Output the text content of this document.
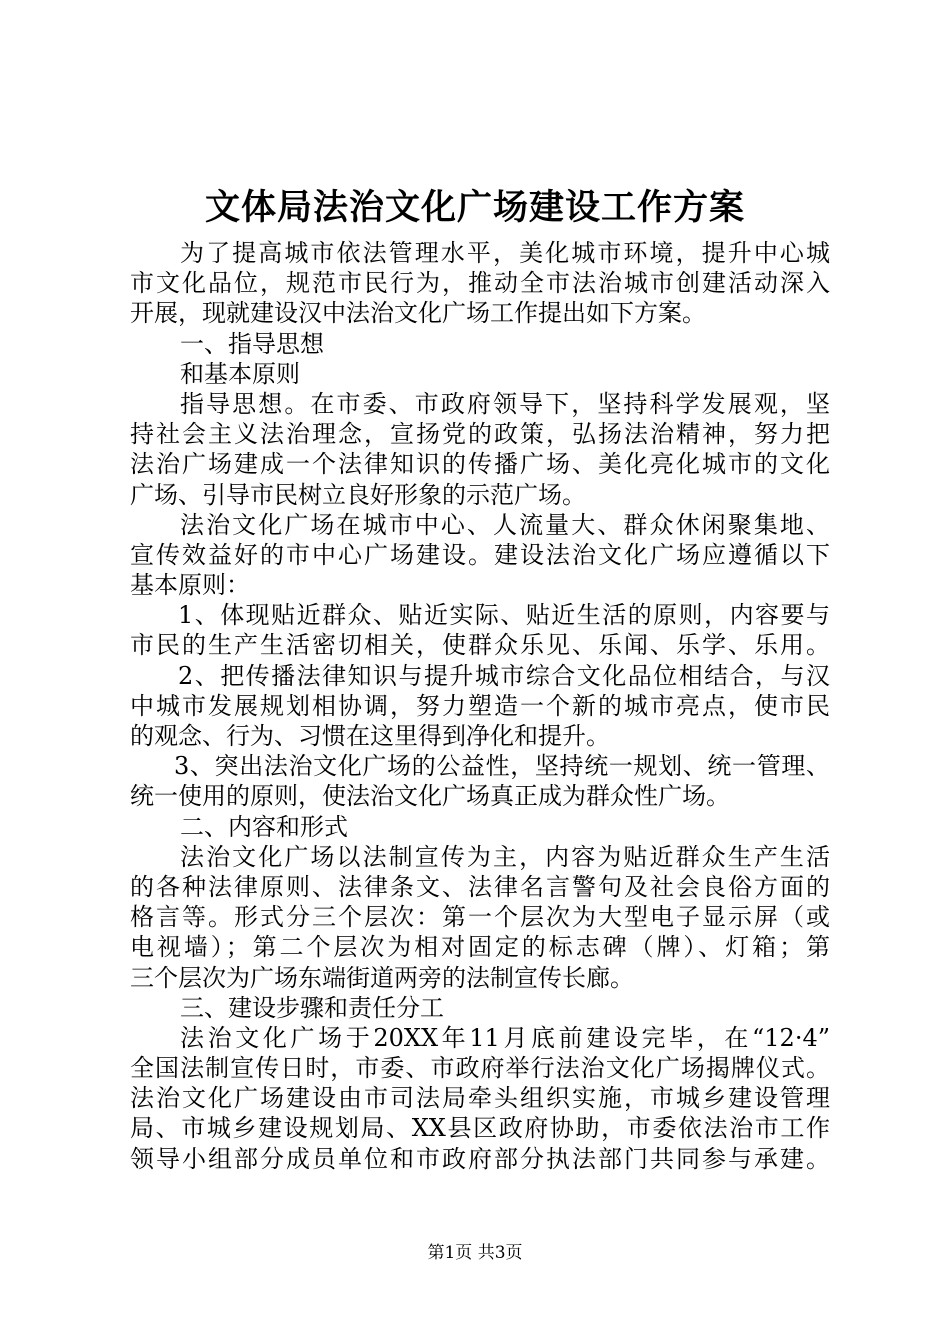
文体局法治文化广场建设工作方案
为了提高城市依法管理水平，美化城市环境，提升中心城
市文化品位，规范市民行为，推动全市法治城市创建活动深入
开展，现就建设汉中法治文化广场工作提出如下方案。
一、指导思想
和基本原则
指导思想。在市委、市政府领导下，坚持科学发展观，坚
持社会主义法治理念，宣扬党的政策，弘扬法治精神，努力把
法治广场建成一个法律知识的传播广场、美化亮化城市的文化
广场、引导市民树立良好形象的示范广场。
法治文化广场在城市中心、人流量大、群众休闲聚集地、
宣传效益好的市中心广场建设。建设法治文化广场应遵循以下
基本原则：
1、体现贴近群众、贴近实际、贴近生活的原则，内容要与
市民的生产生活密切相关，使群众乐见、乐闻、乐学、乐用。
2、把传播法律知识与提升城市综合文化品位相结合，与汉
中城市发展规划相协调，努力塑造一个新的城市亮点，使市民
的观念、行为、习惯在这里得到净化和提升。
3、突出法治文化广场的公益性，坚持统一规划、统一管理、
统一使用的原则，使法治文化广场真正成为群众性广场。
二、内容和形式
法治文化广场以法制宣传为主，内容为贴近群众生产生活
的各种法律原则、法律条文、法律名言警句及社会良俗方面的
格言等。形式分三个层次：第一个层次为大型电子显示屏（或
电视墙）；第二个层次为相对固定的标志碑（牌）、灯箱；第
三个层次为广场东端街道两旁的法制宣传长廊。
三、建设步骤和责任分工
法治文化广场于20XX年11月底前建设完毕，在“12·4”
全国法制宣传日时，市委、市政府举行法治文化广场揭牌仪式。
法治文化广场建设由市司法局牵头组织实施，市城乡建设管理
局、市城乡建设规划局、XX县区政府协助，市委依法治市工作
领导小组部分成员单位和市政府部分执法部门共同参与承建。
第1页 共3页
